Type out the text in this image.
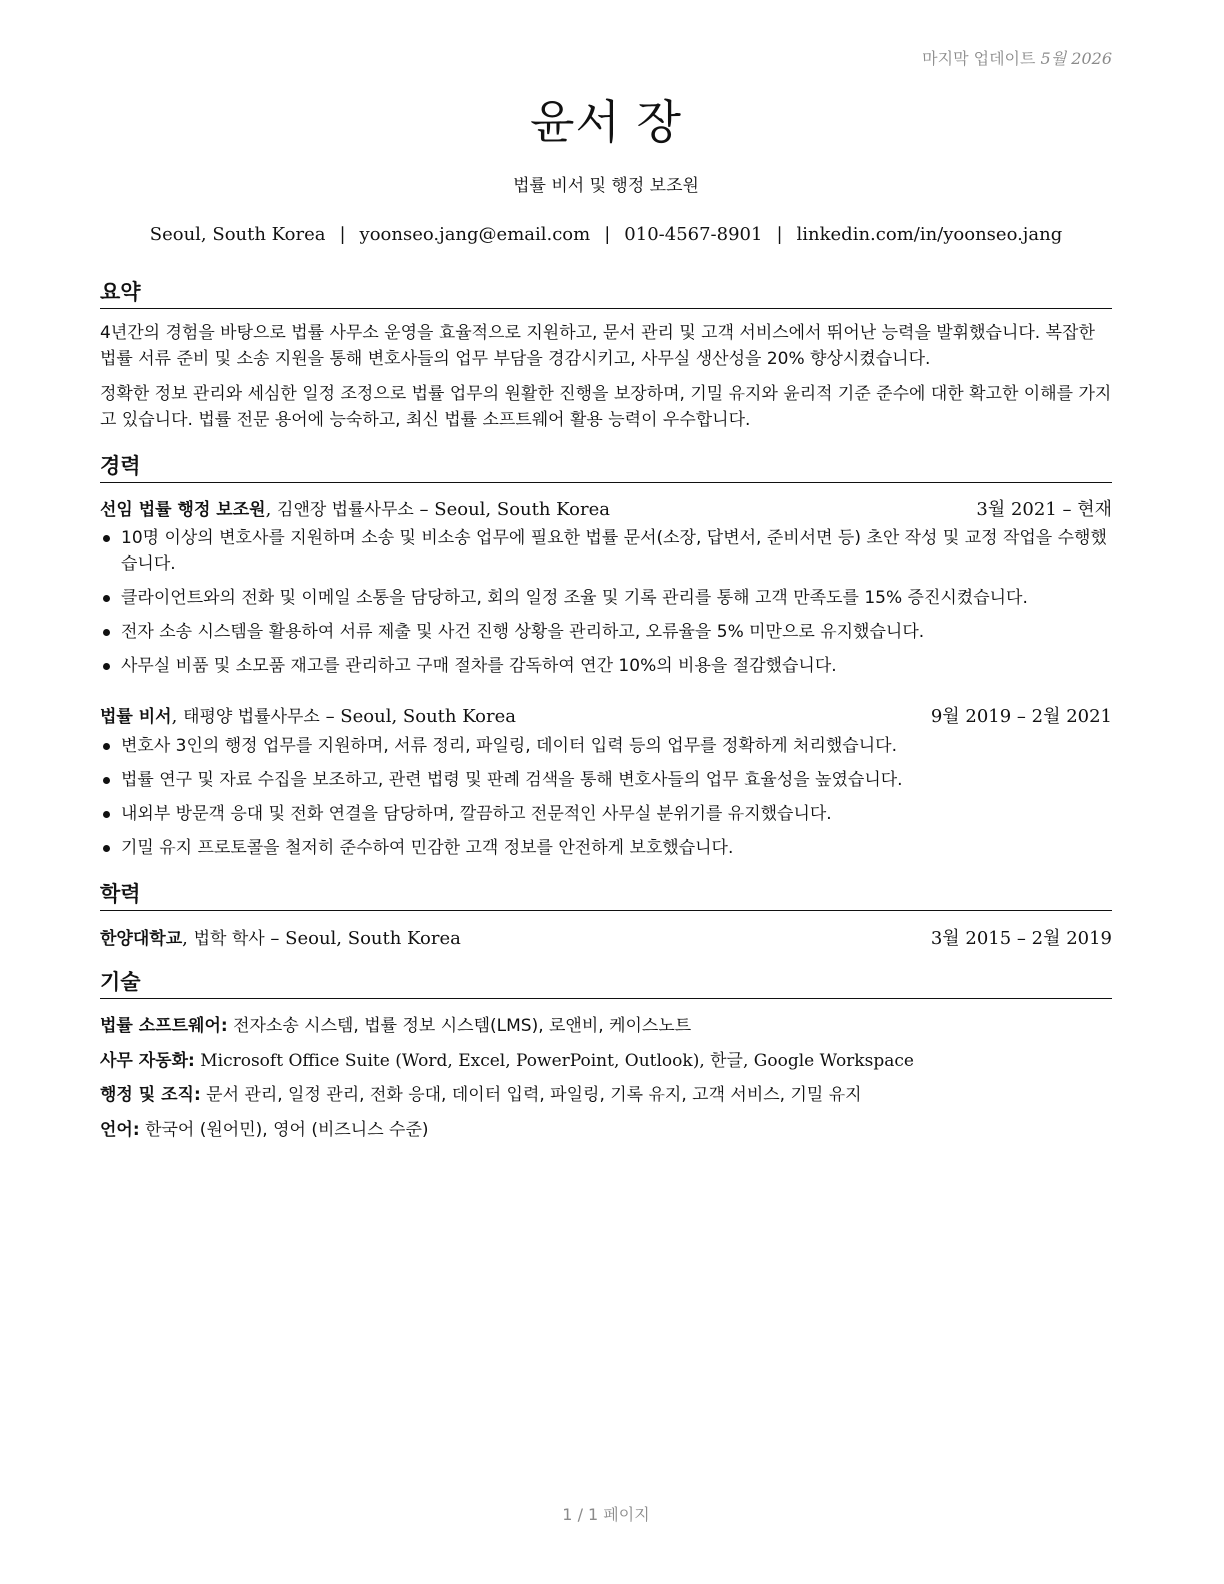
마지막 업데이트 5월 2026
윤서 장
법률 비서 및 행정 보조원
Seoul, South Korea | yoonseo.jang@email.com | 010-4567-8901 | linkedin.com/in/yoonseo.jang
요약

4년간의 경험을 바탕으로 법률 사무소 운영을 효율적으로 지원하고, 문서 관리 및 고객 서비스에서 뛰어난 능력을 발휘했습니다. 복잡한 법률 서류 준비 및 소송 지원을 통해 변호사들의 업무 부담을 경감시키고, 사무실 생산성을 20% 향상시켰습니다.

정확한 정보 관리와 세심한 일정 조정으로 법률 업무의 원활한 진행을 보장하며, 기밀 유지와 윤리적 기준 준수에 대한 확고한 이해를 가지고 있습니다. 법률 전문 용어에 능숙하고, 최신 법률 소프트웨어 활용 능력이 우수합니다.

경력
선임 법률 행정 보조원, 김앤장 법률사무소 – Seoul, South Korea	3월 2021 – 현재
10명 이상의 변호사를 지원하며 소송 및 비소송 업무에 필요한 법률 문서(소장, 답변서, 준비서면 등) 초안 작성 및 교정 작업을 수행했습니다.
클라이언트와의 전화 및 이메일 소통을 담당하고, 회의 일정 조율 및 기록 관리를 통해 고객 만족도를 15% 증진시켰습니다.
전자 소송 시스템을 활용하여 서류 제출 및 사건 진행 상황을 관리하고, 오류율을 5% 미만으로 유지했습니다.
사무실 비품 및 소모품 재고를 관리하고 구매 절차를 감독하여 연간 10%의 비용을 절감했습니다.
법률 비서, 태평양 법률사무소 – Seoul, South Korea	9월 2019 – 2월 2021
변호사 3인의 행정 업무를 지원하며, 서류 정리, 파일링, 데이터 입력 등의 업무를 정확하게 처리했습니다.
법률 연구 및 자료 수집을 보조하고, 관련 법령 및 판례 검색을 통해 변호사들의 업무 효율성을 높였습니다.
내외부 방문객 응대 및 전화 연결을 담당하며, 깔끔하고 전문적인 사무실 분위기를 유지했습니다.
기밀 유지 프로토콜을 철저히 준수하여 민감한 고객 정보를 안전하게 보호했습니다.
학력
한양대학교, 법학 학사 – Seoul, South Korea	3월 2015 – 2월 2019
기술
법률 소프트웨어: 전자소송 시스템, 법률 정보 시스템(LMS), 로앤비, 케이스노트
사무 자동화: Microsoft Office Suite (Word, Excel, PowerPoint, Outlook), 한글, Google Workspace
행정 및 조직: 문서 관리, 일정 관리, 전화 응대, 데이터 입력, 파일링, 기록 유지, 고객 서비스, 기밀 유지
언어: 한국어 (원어민), 영어 (비즈니스 수준)
1 / 1 페이지
